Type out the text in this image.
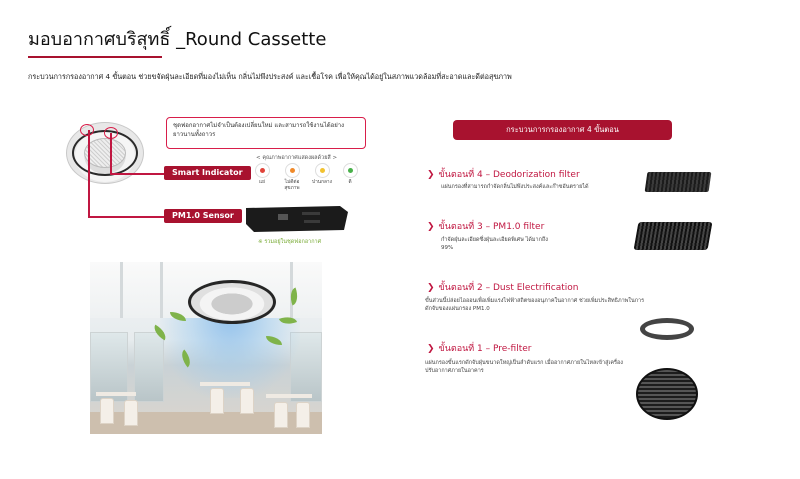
มอบอากาศบริสุทธิ์ _Round Cassette
กระบวนการกรองอากาศ 4 ขั้นตอน ช่วยขจัดฝุ่นละเอียดที่มองไม่เห็น กลิ่นไม่พึงประสงค์ และเชื้อโรค เพื่อให้คุณได้อยู่ในสภาพแวดล้อมที่สะอาดและดีต่อสุขภาพ
ชุดฟอกอากาศไม่จำเป็นต้องเปลี่ยนใหม่ และสามารถใช้งานได้อย่างยาวนานทั้งถาวร
< คุณภาพอากาศแสดงผลด้วยสี >
แย่	ไม่ดีต่อสุขภาพ
ปานกลาง	ดี
Smart Indicator
PM1.0 Sensor
※ รวมอยู่ในชุดฟอกอากาศ
กระบวนการกรองอากาศ 4 ขั้นตอน
❯ ขั้นตอนที่ 4 – Deodorization filter
แผ่นกรองที่สามารถกำจัดกลิ่นไม่พึงประสงค์และก๊าซอันตรายได้
❯ ขั้นตอนที่ 3 – PM1.0 filter
กำจัดฝุ่นละเอียดซึ่งฝุ่นละเอียดพิเศษ ได้มากถึง 99%
❯ ขั้นตอนที่ 2 – Dust Electrification
ขั้นส่วนนี้ปล่อยไอออนเพื่อเพิ่มแรงไฟฟ้าสถิตของอนุภาคในอากาศ ช่วยเพิ่มประสิทธิภาพในการดักจับของแผ่นกรอง PM1.0
❯ ขั้นตอนที่ 1 – Pre-filter
แผ่นกรองขั้นแรกดักจับฝุ่นขนาดใหญ่เป็นลำดับแรก เมื่ออากาศภายในไหลเข้าสู่เครื่องปรับอากาศภายในอาคาร
